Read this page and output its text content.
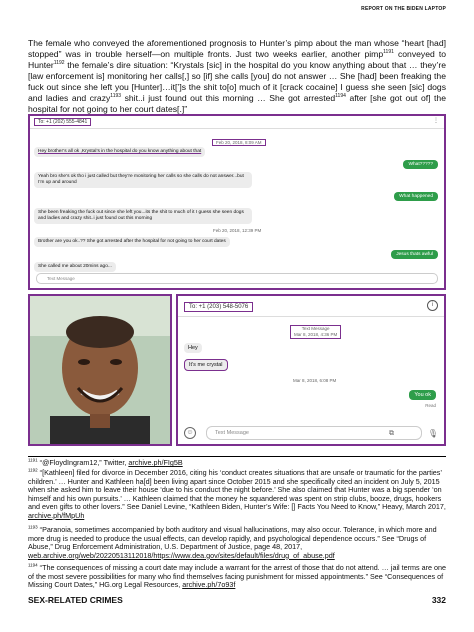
REPORT ON THE BIDEN LAPTOP
The female who conveyed the aforementioned prognosis to Hunter’s pimp about the man whose “heart [had] stopped” was in trouble herself—on multiple fronts. Just two weeks earlier, another pimp$^{1191}$ conveyed to Hunter$^{1192}$ the female’s dire situation: “Krystals [sic] in the hospital do you know anything about that … they’re [law enforcement is] monitoring her calls[,] so [if] she calls [you] do not answer … She [had] been freaking the fuck out since she left you [Hunter]…it[’]s the shit to[o] much of it [crack cocaine] I guess she seen [sic] dogs and ladies and crazy$^{1193}$ shit..i just found out this morning … She got arrested$^{1194}$ after [she got out of] the hospital for not going to her court dates[.]”
To: +1 (202) 555-4841	⋮
Feb 20, 2018, 8:09 AM
Hey brother’s all ok ,Krystal’s in the hospital do you know anything about that
What?????
Yeah bro she’s ok tho i just called but they’re monitoring her calls so she calls do not answer...but I’m up and around
What happened
She been freaking the fuck out since she left you...its the shit to much of it I guess she seen dogs and ladies and crazy shit..i just found out this morning
Feb 20, 2018, 12:39 PM
Brother are you ok..?? She got arrested after the hospital for not going to her court dates
Jesus thats awful
She called me about 20mins ago...
Text Message
To: +1 (203) 548-5076	i
Text Message
Mar 8, 2018, 4:36 PM
Hey
It’s me crystal
Mar 8, 2018, 6:08 PM
You ok
Read
☺	Text Message	⧉	🎙
$^{1191}$ “@FloydIngram12,” Twitter, archive.ph/FIg5B
$^{1192}$ “[Kathleen] filed for divorce in December 2016, citing his ‘conduct creates situations that are unsafe or traumatic for the parties’ children.’ … Hunter and Kathleen ha[d] been living apart since October 2015 and she specifically cited an incident on July 5, 2015 when she asked him to leave their house ‘due to his conduct the night before.’ She also claimed that Hunter was a big spender ‘on himself and his own pursuits.’ … Kathleen claimed that the money he squandered was spent on strip clubs, booze, drugs, hookers and even gifts to other lovers.” See Daniel Levine, “Kathleen Biden, Hunter’s Wife: [] Facts You Need to Know,” Heavy, March 2017, archive.ph/fMpUh
$^{1193}$ “Paranoia, sometimes accompanied by both auditory and visual hallucinations, may also occur. Tolerance, in which more and more drug is needed to produce the usual effects, can develop rapidly, and psychological dependence occurs.” See “Drugs of Abuse,” Drug Enforcement Administration, U.S. Department of Justice, page 48, 2017, web.archive.org/web/20220513112018/https://www.dea.gov/sites/default/files/drug_of_abuse.pdf
$^{1194}$ “The consequences of missing a court date may include a warrant for the arrest of those that do not attend. … jail terms are one of the most severe possibilities for many who find themselves facing punishment for missed appointments.” See “Consequences of Missing Court Dates,” HG.org Legal Resources, archive.ph/7o93f
SEX-RELATED CRIMES	332
